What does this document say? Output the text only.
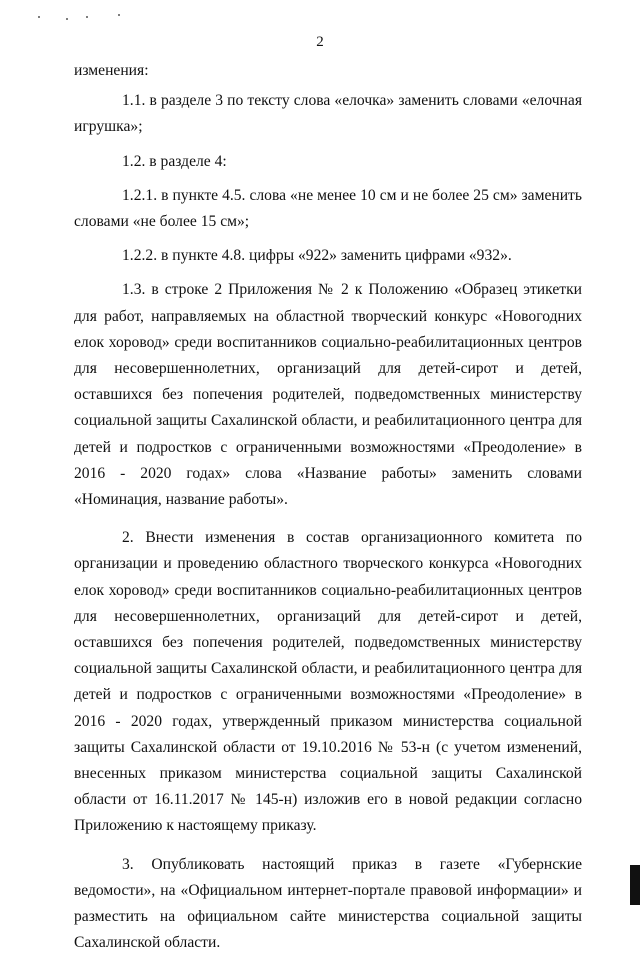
2

изменения:

1.1. в разделе 3 по тексту слова «елочка» заменить словами «елочная игрушка»;

1.2. в разделе 4:

1.2.1. в пункте 4.5. слова «не менее 10 см и не более 25 см» заменить словами «не более 15 см»;

1.2.2. в пункте 4.8. цифры «922» заменить цифрами «932».

1.3. в строке 2 Приложения № 2 к Положению «Образец этикетки для работ, направляемых на областной творческий конкурс «Новогодних елок хоровод» среди воспитанников социально-реабилитационных центров для несовершеннолетних, организаций для детей-сирот и детей, оставшихся без попечения родителей, подведомственных министерству социальной защиты Сахалинской области, и реабилитационного центра для детей и подростков с ограниченными возможностями «Преодоление» в 2016 - 2020 годах» слова «Название работы» заменить словами «Номинация, название работы».

2. Внести изменения в состав организационного комитета по организации и проведению областного творческого конкурса «Новогодних елок хоровод» среди воспитанников социально-реабилитационных центров для несовершеннолетних, организаций для детей-сирот и детей, оставшихся без попечения родителей, подведомственных министерству социальной защиты Сахалинской области, и реабилитационного центра для детей и подростков с ограниченными возможностями «Преодоление» в 2016 - 2020 годах, утвержденный приказом министерства социальной защиты Сахалинской области от 19.10.2016 № 53-н (с учетом изменений, внесенных приказом министерства социальной защиты Сахалинской области от 16.11.2017 № 145-н) изложив его в новой редакции согласно Приложению к настоящему приказу.

3. Опубликовать настоящий приказ в газете «Губернские ведомости», на «Официальном интернет-портале правовой информации» и разместить на официальном сайте министерства социальной защиты Сахалинской области.
